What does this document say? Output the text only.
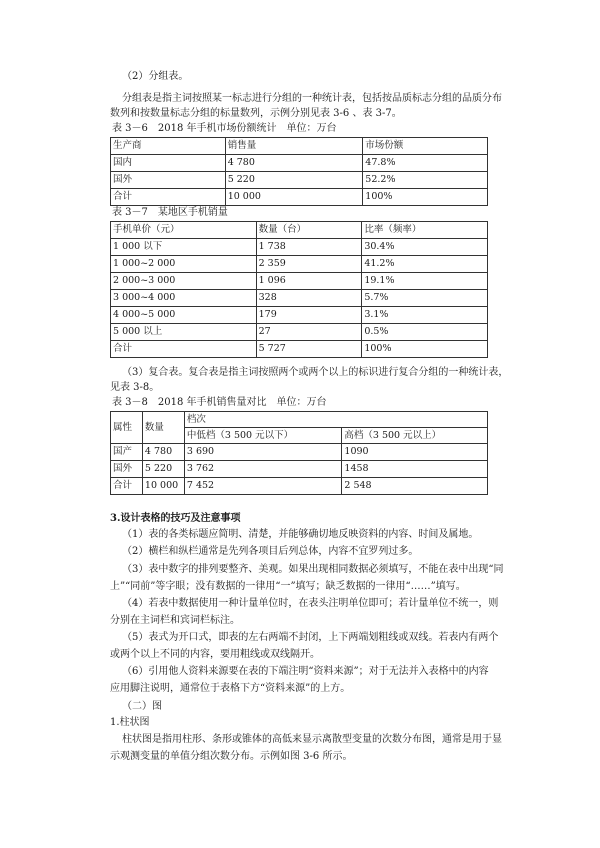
（2）分组表。
分组表是指主词按照某一标志进行分组的一种统计表，包括按品质标志分组的品质分布
数列和按数量标志分组的标量数列，示例分别见表 3-6 、表 3-7。
表 3－6　2018 年手机市场份额统计　单位：万台
生产商	销售量	市场份额
国内	4 780	47.8%
国外	5 220	52.2%
合计	10 000	100%
表 3－7　某地区手机销量
手机单价（元）	数量（台）	比率（频率）
1 000 以下	1 738	30.4%
1 000~2 000	2 359	41.2%
2 000~3 000	1 096	19.1%
3 000~4 000	328	5.7%
4 000~5 000	179	3.1%
5 000 以上	27	0.5%
合计	5 727	100%
（3）复合表。复合表是指主词按照两个或两个以上的标识进行复合分组的一种统计表，
见表 3-8。
表 3－8　2018 年手机销售量对比　单位：万台
属性	数量	档次	
		中低档（3 500 元以下）	高档（3 500 元以上）
国产	4 780	3 690	1090
国外	5 220	3 762	1458
合计	10 000	7 452	2 548
3.设计表格的技巧及注意事项
（1）表的各类标题应简明、清楚，并能够确切地反映资料的内容、时间及属地。
（2）横栏和纵栏通常是先列各项目后列总体，内容不宜罗列过多。
（3）表中数字的排列要整齐、美观。如果出现相同数据必须填写，不能在表中出现“同
上”“同前”等字眼；没有数据的一律用“一”填写；缺乏数据的一律用“……”填写。
（4）若表中数据使用一种计量单位时，在表头注明单位即可；若计量单位不统一，则
分别在主词栏和宾词栏标注。
（5）表式为开口式，即表的左右两端不封闭，上下两端划粗线或双线。若表内有两个
或两个以上不同的内容，要用粗线或双线隔开。
（6）引用他人资料来源要在表的下端注明“资料来源”；对于无法并入表格中的内容
应用脚注说明，通常位于表格下方“资料来源”的上方。
（二）图
1.柱状图
柱状图是指用柱形、条形或锥体的高低来显示离散型变量的次数分布图，通常是用于显
示观测变量的单值分组次数分布。示例如图 3-6 所示。
